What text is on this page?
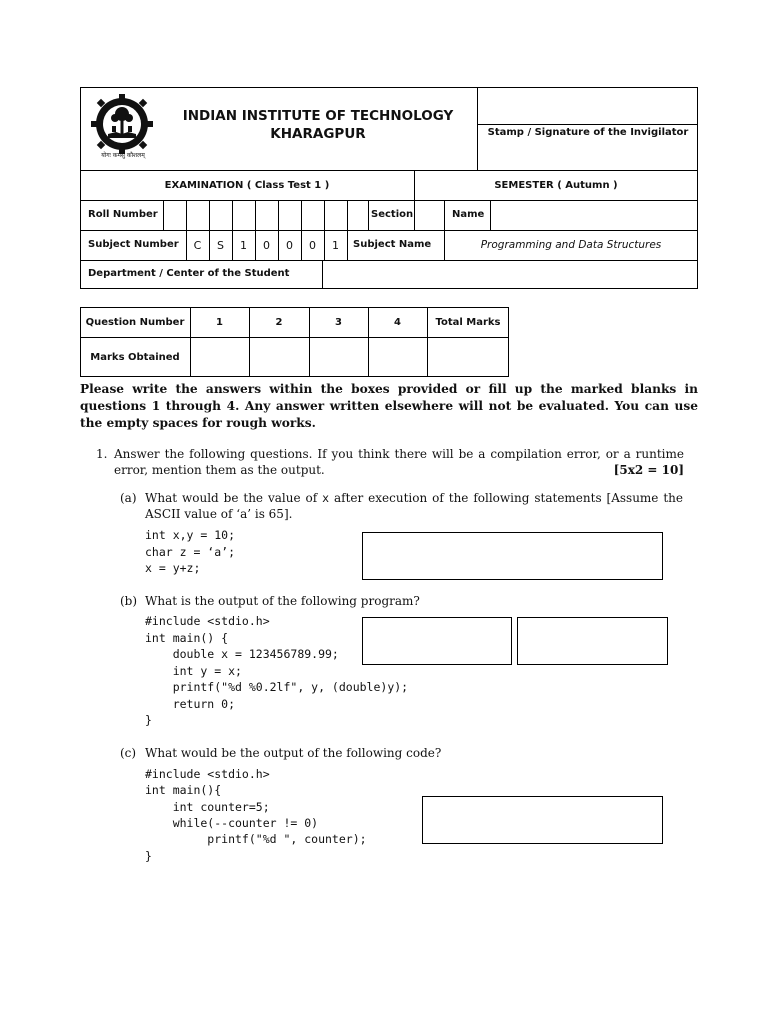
योगः कर्मसु कौशलम्
INDIAN INSTITUTE OF TECHNOLOGY
KHARAGPUR	Stamp / Signature of the Invigilator
EXAMINATION ( Class Test 1 )	SEMESTER ( Autumn )
Roll Number	Section	Name
Subject Number	C	S	1	0	0	0	1	Subject Name	Programming and Data Structures
Department / Center of the Student
Question Number	1	2	3	4	Total Marks
Marks Obtained
Please write the answers within the boxes provided or fill up the marked blanks in questions 1 through 4. Any answer written elsewhere will not be evaluated. You can use the empty spaces for rough works.
1. Answer the following questions. If you think there will be a compilation error, or a runtime error, mention them as the output.	[5x2 = 10]
(a) What would be the value of x after execution of the following statements [Assume the ASCII value of ‘a’ is 65].
int x,y = 10;
char z = ‘a’;
x = y+z;
(b) What is the output of the following program?
#include <stdio.h>
int main() {
double x = 123456789.99;
int y = x;
printf("%d %0.2lf", y, (double)y);
return 0;
}
(c) What would be the output of the following code?
#include <stdio.h>
int main(){
int counter=5;
while(--counter != 0)
printf("%d ", counter);
}
